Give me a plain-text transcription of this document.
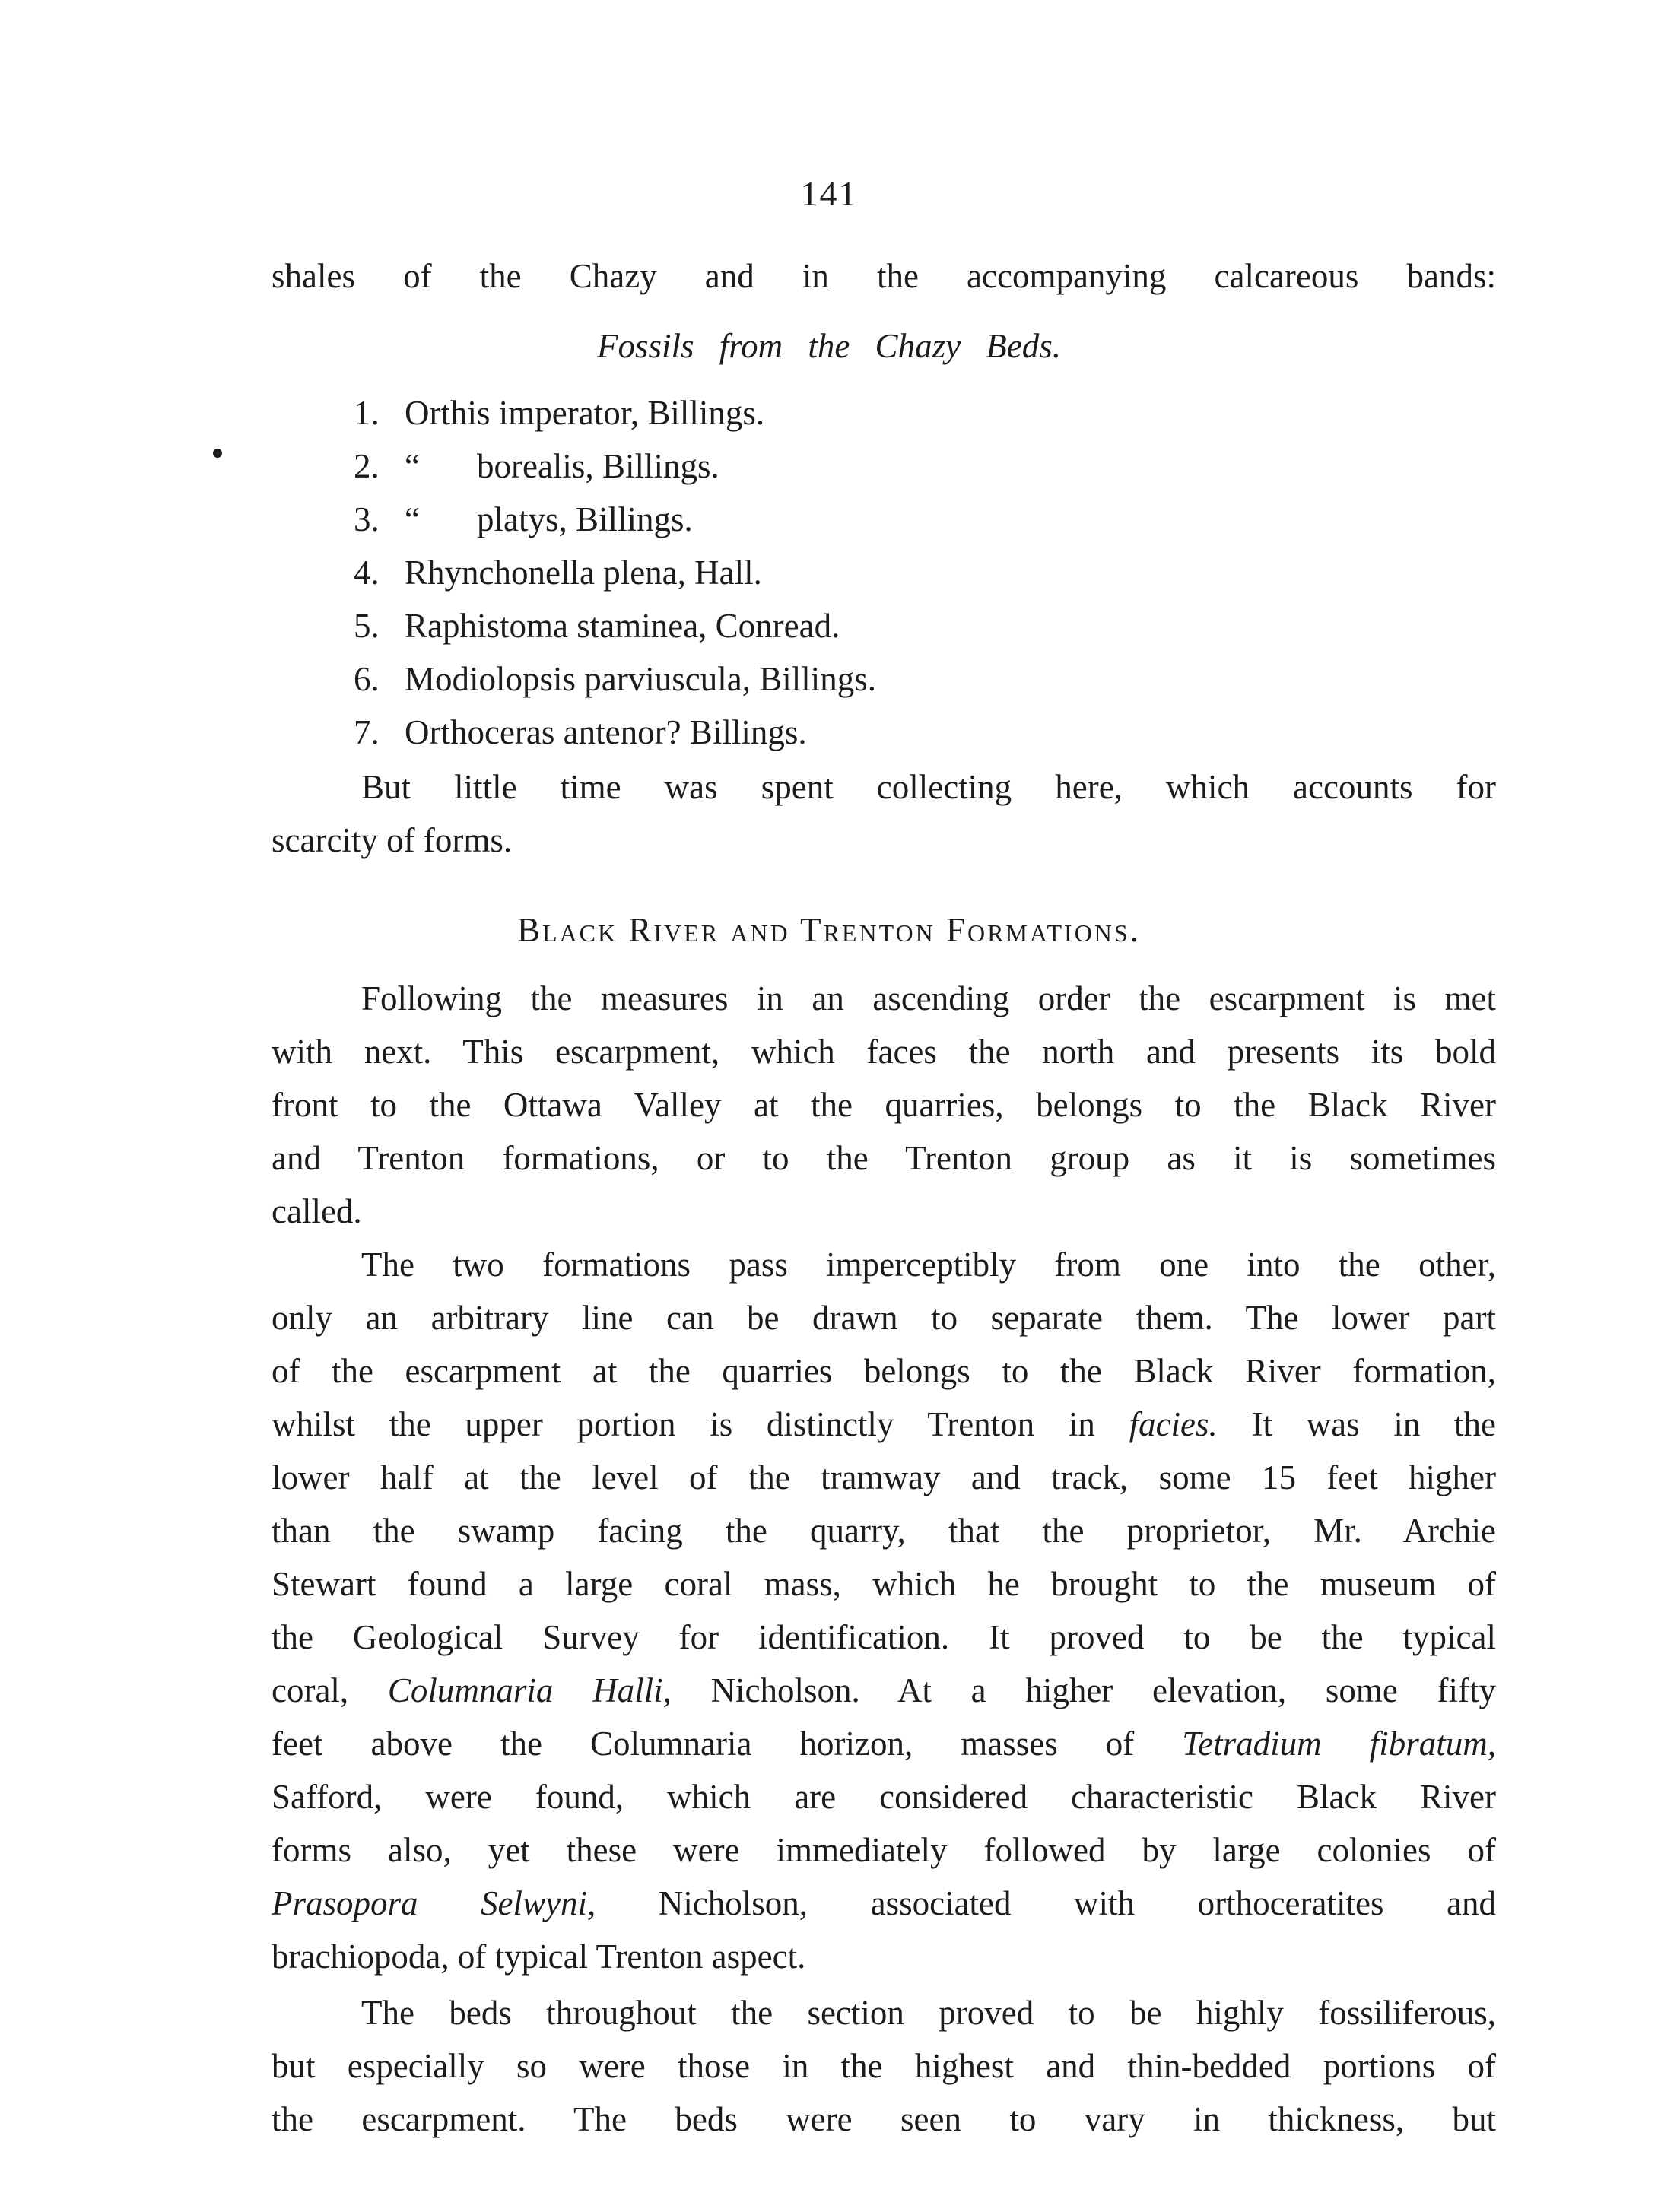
141
shales of the Chazy and in the accompanying calcareous bands:
Fossils from the Chazy Beds.
1. Orthis imperator, Billings.
2. “ borealis, Billings.
3. “ platys, Billings.
4. Rhynchonella plena, Hall.
5. Raphistoma staminea, Conread.
6. Modiolopsis parviuscula, Billings.
7. Orthoceras antenor? Billings.
But little time was spent collecting here, which accounts for
scarcity of forms.
Black River and Trenton Formations.
Following the measures in an ascending order the escarpment is met
with next. This escarpment, which faces the north and presents its bold
front to the Ottawa Valley at the quarries, belongs to the Black River
and Trenton formations, or to the Trenton group as it is sometimes
called.
The two formations pass imperceptibly from one into the other,
only an arbitrary line can be drawn to separate them. The lower part
of the escarpment at the quarries belongs to the Black River formation,
whilst the upper portion is distinctly Trenton in facies. It was in the
lower half at the level of the tramway and track, some 15 feet higher
than the swamp facing the quarry, that the proprietor, Mr. Archie
Stewart found a large coral mass, which he brought to the museum of
the Geological Survey for identification. It proved to be the typical
coral, Columnaria Halli, Nicholson. At a higher elevation, some fifty
feet above the Columnaria horizon, masses of Tetradium fibratum,
Safford, were found, which are considered characteristic Black River
forms also, yet these were immediately followed by large colonies of
Prasopora Selwyni, Nicholson, associated with orthoceratites and
brachiopoda, of typical Trenton aspect.
The beds throughout the section proved to be highly fossiliferous,
but especially so were those in the highest and thin-bedded portions of
the escarpment. The beds were seen to vary in thickness, but
